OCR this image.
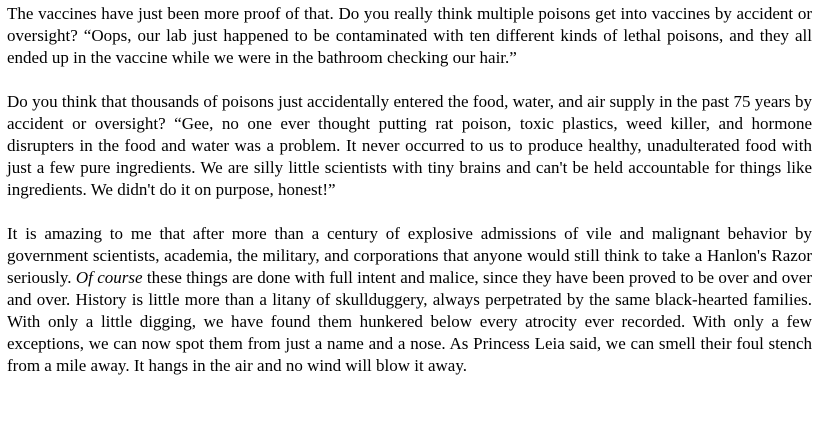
The vaccines have just been more proof of that. Do you really think multiple poisons get into vaccines by accident or oversight? “Oops, our lab just happened to be contaminated with ten different kinds of lethal poisons, and they all ended up in the vaccine while we were in the bathroom checking our hair.”

Do you think that thousands of poisons just accidentally entered the food, water, and air supply in the past 75 years by accident or oversight? “Gee, no one ever thought putting rat poison, toxic plastics, weed killer, and hormone disrupters in the food and water was a problem. It never occurred to us to produce healthy, unadulterated food with just a few pure ingredients. We are silly little scientists with tiny brains and can't be held accountable for things like ingredients. We didn't do it on purpose, honest!”

It is amazing to me that after more than a century of explosive admissions of vile and malignant behavior by government scientists, academia, the military, and corporations that anyone would still think to take a Hanlon's Razor seriously. Of course these things are done with full intent and malice, since they have been proved to be over and over and over. History is little more than a litany of skullduggery, always perpetrated by the same black-hearted families. With only a little digging, we have found them hunkered below every atrocity ever recorded. With only a few exceptions, we can now spot them from just a name and a nose. As Princess Leia said, we can smell their foul stench from a mile away. It hangs in the air and no wind will blow it away.
